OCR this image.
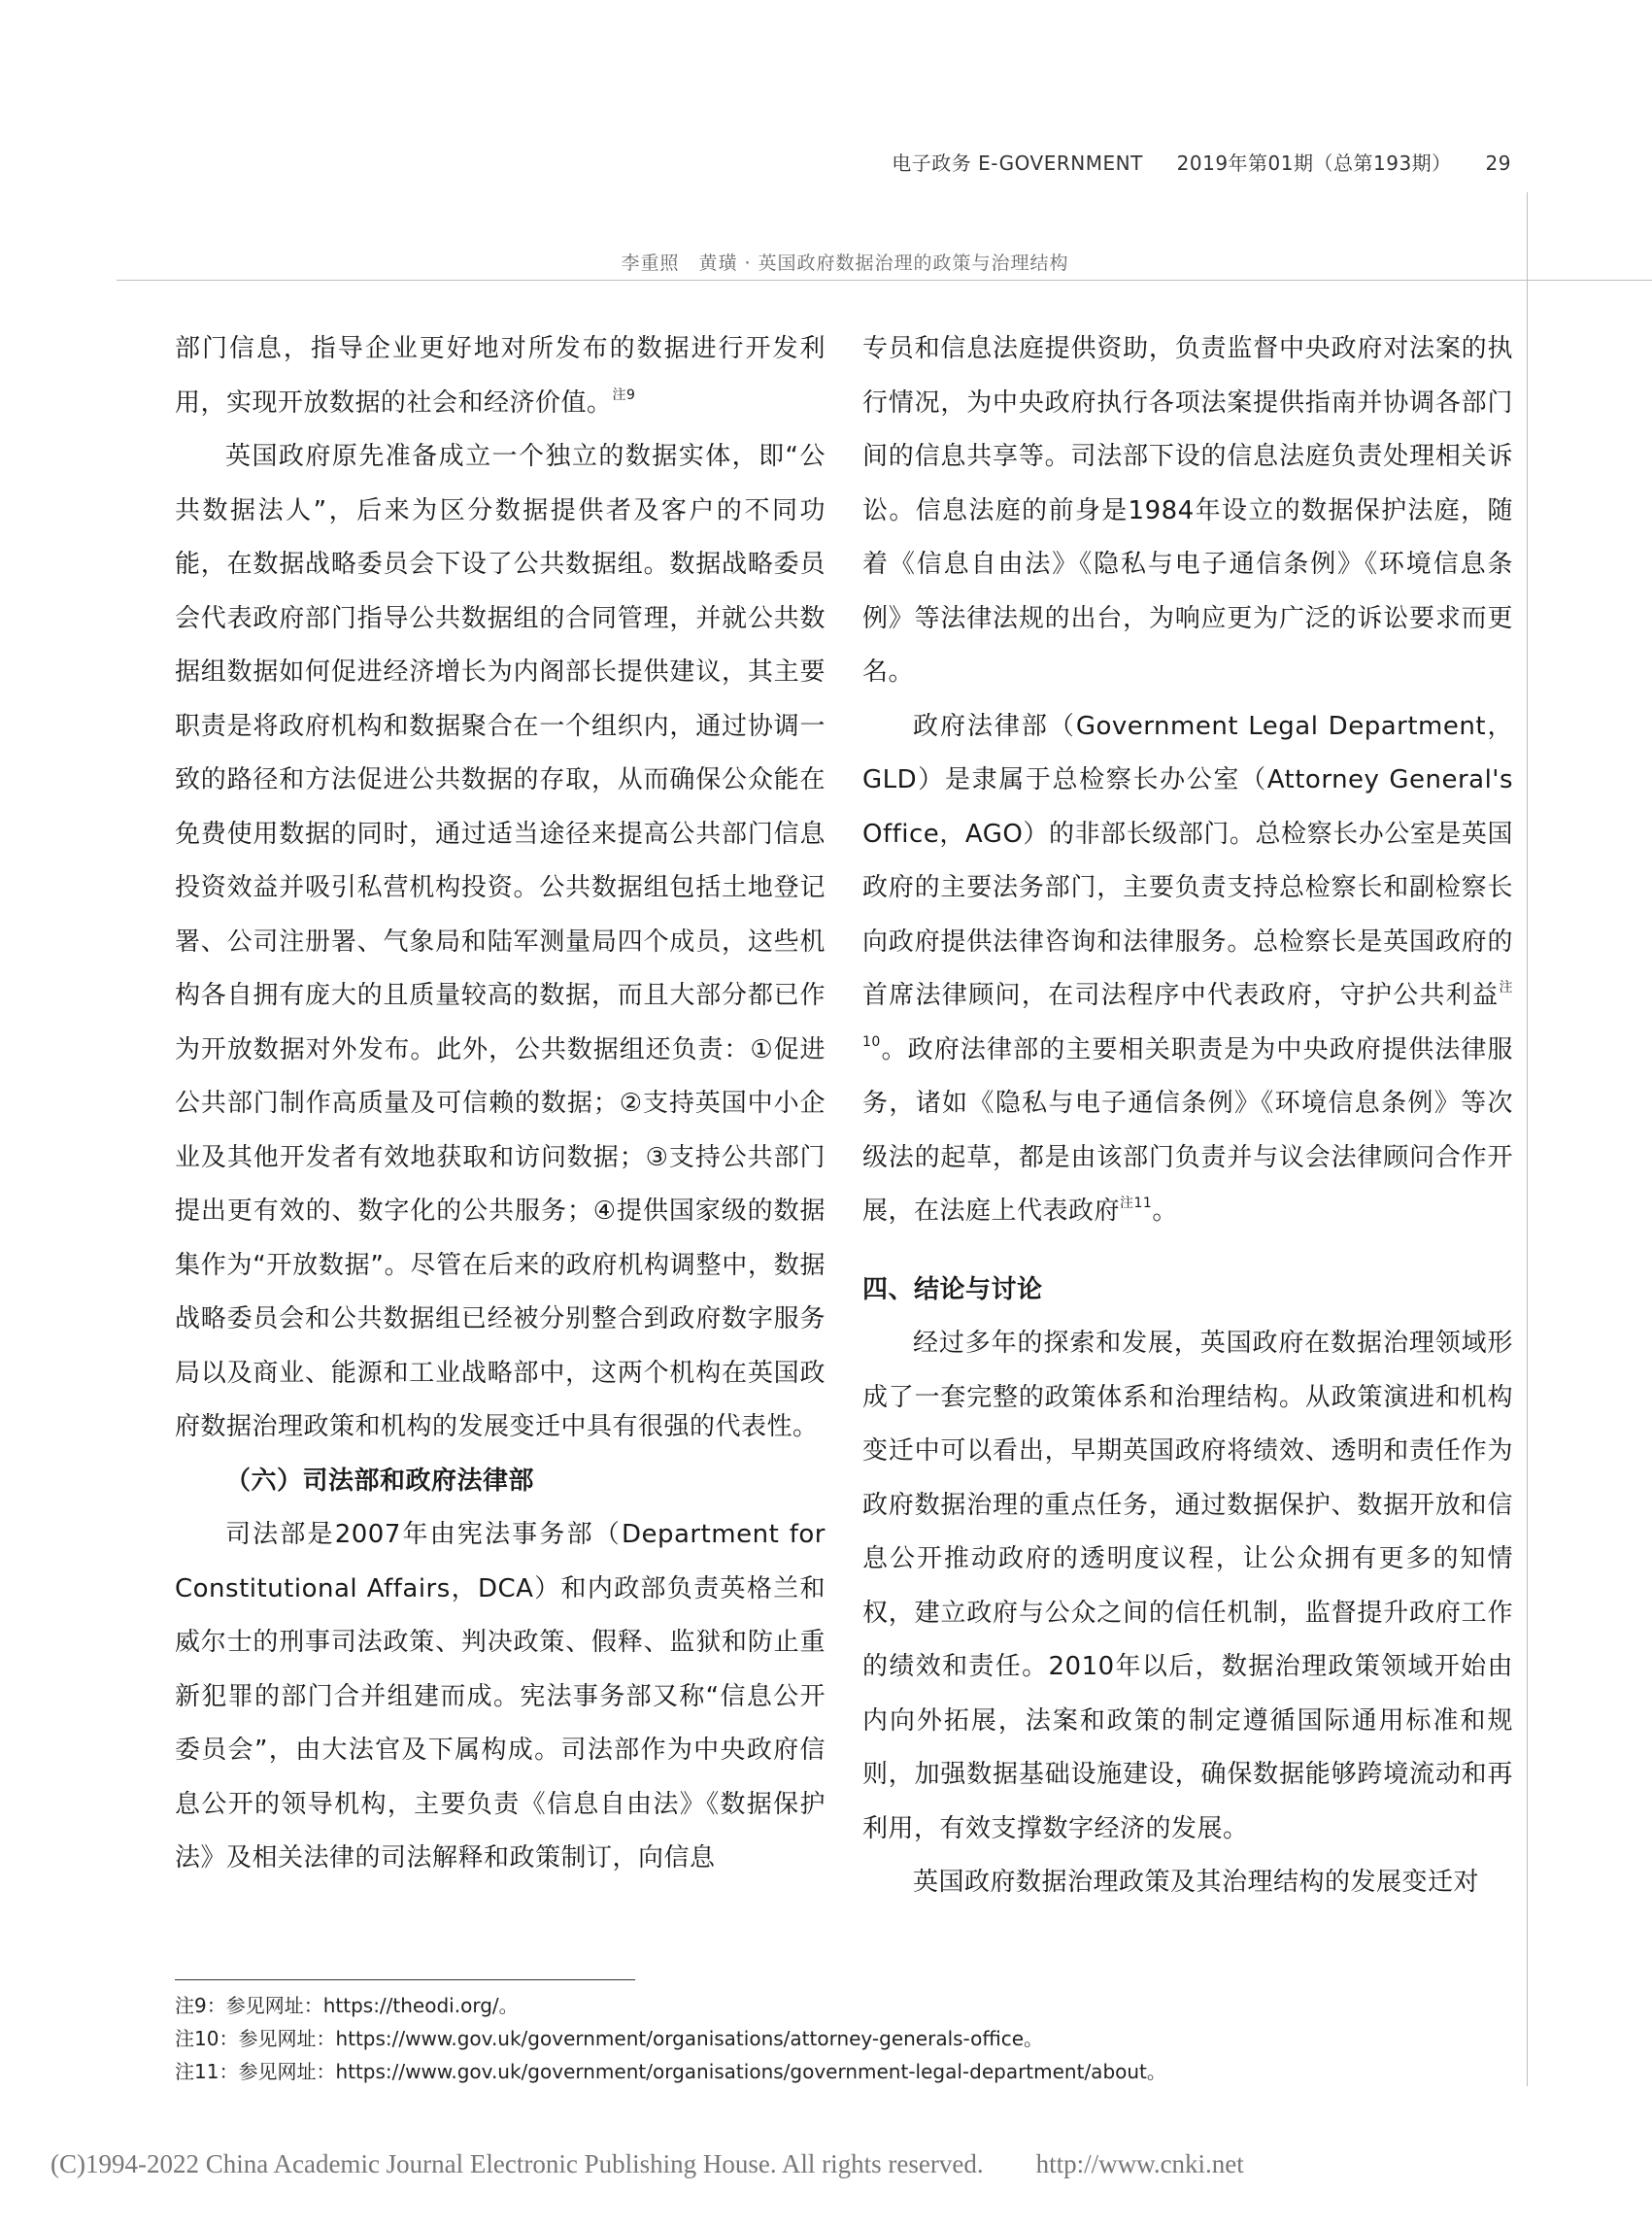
电子政务 E-GOVERNMENT 2019年第01期（总第193期） 29
李重照　黄璜 · 英国政府数据治理的政策与治理结构

部门信息，指导企业更好地对所发布的数据进行开发利用，实现开放数据的社会和经济价值。$^{注9}$

英国政府原先准备成立一个独立的数据实体，即“公共数据法人”，后来为区分数据提供者及客户的不同功能，在数据战略委员会下设了公共数据组。数据战略委员会代表政府部门指导公共数据组的合同管理，并就公共数据组数据如何促进经济增长为内阁部长提供建议，其主要职责是将政府机构和数据聚合在一个组织内，通过协调一致的路径和方法促进公共数据的存取，从而确保公众能在免费使用数据的同时，通过适当途径来提高公共部门信息投资效益并吸引私营机构投资。公共数据组包括土地登记署、公司注册署、气象局和陆军测量局四个成员，这些机构各自拥有庞大的且质量较高的数据，而且大部分都已作为开放数据对外发布。此外，公共数据组还负责：①促进公共部门制作高质量及可信赖的数据；②支持英国中小企业及其他开发者有效地获取和访问数据；③支持公共部门提出更有效的、数字化的公共服务；④提供国家级的数据集作为“开放数据”。尽管在后来的政府机构调整中，数据战略委员会和公共数据组已经被分别整合到政府数字服务局以及商业、能源和工业战略部中，这两个机构在英国政府数据治理政策和机构的发展变迁中具有很强的代表性。

（六）司法部和政府法律部

司法部是2007年由宪法事务部（Department for Constitutional Affairs，DCA）和内政部负责英格兰和威尔士的刑事司法政策、判决政策、假释、监狱和防止重新犯罪的部门合并组建而成。宪法事务部又称“信息公开委员会”，由大法官及下属构成。司法部作为中央政府信息公开的领导机构，主要负责《信息自由法》《数据保护法》及相关法律的司法解释和政策制订，向信息

专员和信息法庭提供资助，负责监督中央政府对法案的执行情况，为中央政府执行各项法案提供指南并协调各部门间的信息共享等。司法部下设的信息法庭负责处理相关诉讼。信息法庭的前身是1984年设立的数据保护法庭，随着《信息自由法》《隐私与电子通信条例》《环境信息条例》等法律法规的出台，为响应更为广泛的诉讼要求而更名。

政府法律部（Government Legal Department，GLD）是隶属于总检察长办公室（Attorney General's Office，AGO）的非部长级部门。总检察长办公室是英国政府的主要法务部门，主要负责支持总检察长和副检察长向政府提供法律咨询和法律服务。总检察长是英国政府的首席法律顾问，在司法程序中代表政府，守护公共利益$^{注10}$。政府法律部的主要相关职责是为中央政府提供法律服务，诸如《隐私与电子通信条例》《环境信息条例》等次级法的起草，都是由该部门负责并与议会法律顾问合作开展，在法庭上代表政府$^{注11}$。

四、结论与讨论

经过多年的探索和发展，英国政府在数据治理领域形成了一套完整的政策体系和治理结构。从政策演进和机构变迁中可以看出，早期英国政府将绩效、透明和责任作为政府数据治理的重点任务，通过数据保护、数据开放和信息公开推动政府的透明度议程，让公众拥有更多的知情权，建立政府与公众之间的信任机制，监督提升政府工作的绩效和责任。2010年以后，数据治理政策领域开始由内向外拓展，法案和政策的制定遵循国际通用标准和规则，加强数据基础设施建设，确保数据能够跨境流动和再利用，有效支撑数字经济的发展。

英国政府数据治理政策及其治理结构的发展变迁对

注9：参见网址：https://theodi.org/。
注10：参见网址：https://www.gov.uk/government/organisations/attorney-generals-office。
注11：参见网址：https://www.gov.uk/government/organisations/government-legal-department/about。
(C)1994-2022 China Academic Journal Electronic Publishing House. All rights reserved.　　http://www.cnki.net
